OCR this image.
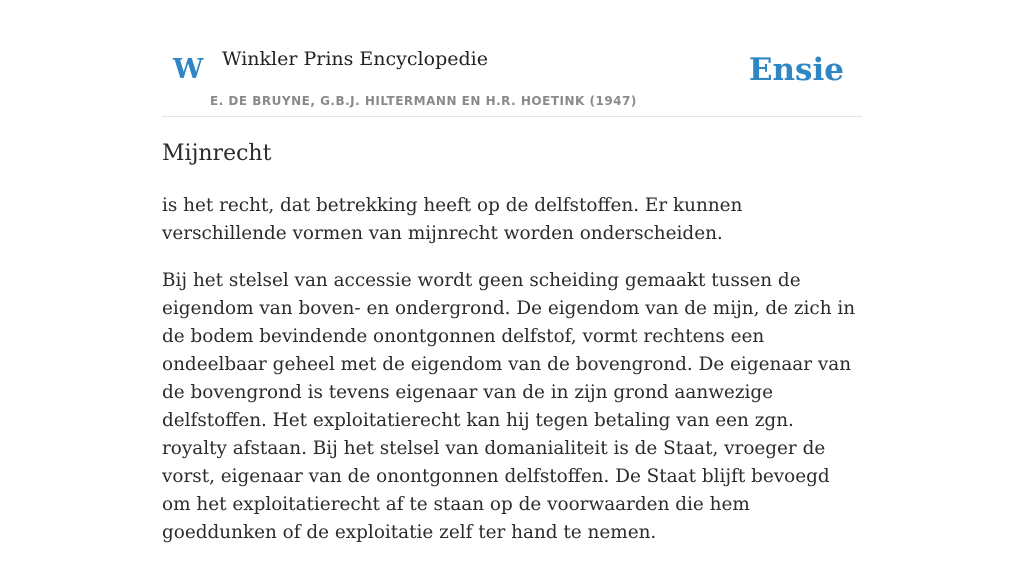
W Winkler Prins Encyclopedie
E. DE BRUYNE, G.B.J. HILTERMANN EN H.R. HOETINK (1947)
Ensie
Mijnrecht

is het recht, dat betrekking heeft op de delfstoffen. Er kunnen verschillende vormen van mijnrecht worden onderscheiden.

Bij het stelsel van accessie wordt geen scheiding gemaakt tussen de eigendom van boven- en ondergrond. De eigendom van de mijn, de zich in de bodem bevindende onontgonnen delfstof, vormt rechtens een ondeelbaar geheel met de eigendom van de bovengrond. De eigenaar van de bovengrond is tevens eigenaar van de in zijn grond aanwezige delfstoffen. Het exploitatierecht kan hij tegen betaling van een zgn. royalty afstaan. Bij het stelsel van domanialiteit is de Staat, vroeger de vorst, eigenaar van de onontgonnen delfstoffen. De Staat blijft bevoegd om het exploitatierecht af te staan op de voorwaarden die hem goeddunken of de exploitatie zelf ter hand te nemen.
